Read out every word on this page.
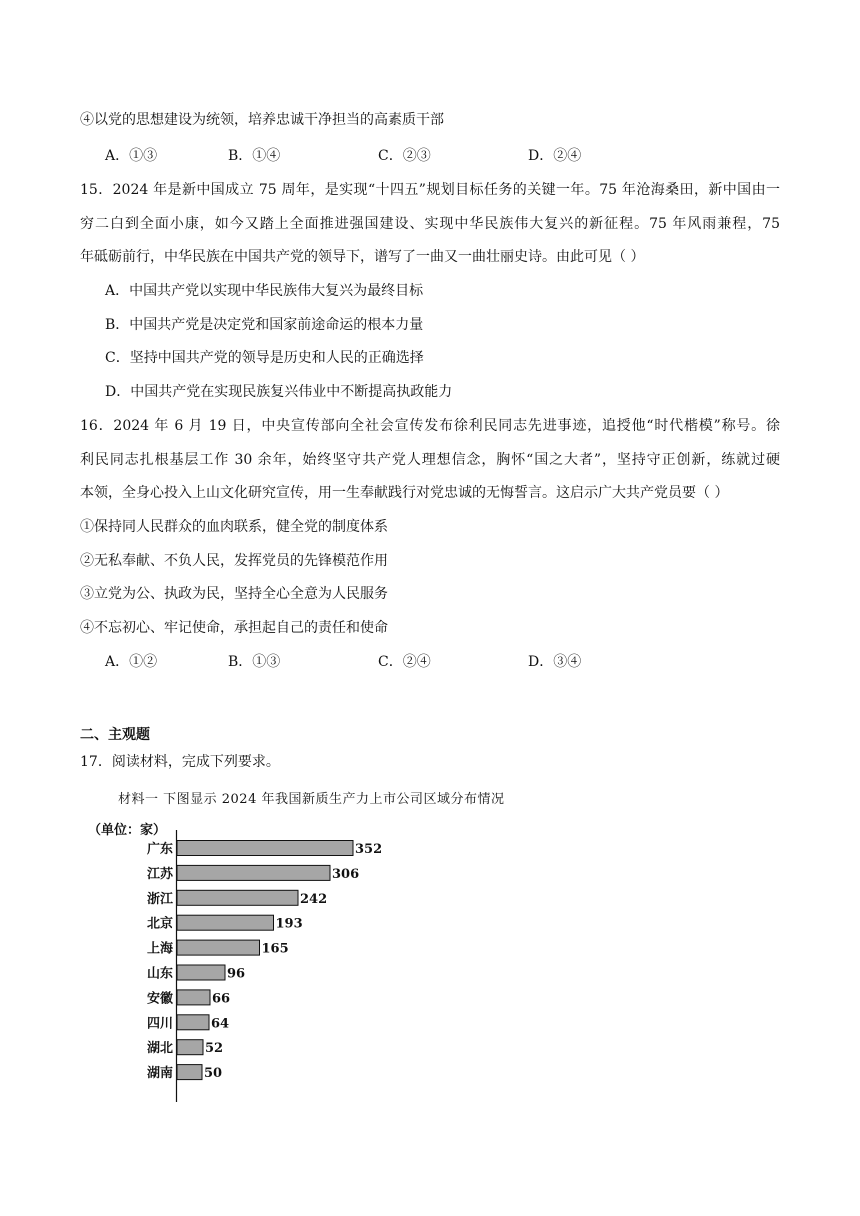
④以党的思想建设为统领，培养忠诚干净担当的高素质干部
A．①③	B．①④	C．②③	D．②④
15．2024 年是新中国成立 75 周年，是实现“十四五”规划目标任务的关键一年。75 年沧海桑田，新中国由一
穷二白到全面小康，如今又踏上全面推进强国建设、实现中华民族伟大复兴的新征程。75 年风雨兼程，75
年砥砺前行，中华民族在中国共产党的领导下，谱写了一曲又一曲壮丽史诗。由此可见（ ）
A．中国共产党以实现中华民族伟大复兴为最终目标
B．中国共产党是决定党和国家前途命运的根本力量
C．坚持中国共产党的领导是历史和人民的正确选择
D．中国共产党在实现民族复兴伟业中不断提高执政能力
16．2024 年 6 月 19 日，中央宣传部向全社会宣传发布徐利民同志先进事迹，追授他“时代楷模”称号。徐
利民同志扎根基层工作 30 余年，始终坚守共产党人理想信念，胸怀“国之大者”，坚持守正创新，练就过硬
本领，全身心投入上山文化研究宣传，用一生奉献践行对党忠诚的无悔誓言。这启示广大共产党员要（ ）
①保持同人民群众的血肉联系，健全党的制度体系
②无私奉献、不负人民，发挥党员的先锋模范作用
③立党为公、执政为民，坚持全心全意为人民服务
④不忘初心、牢记使命，承担起自己的责任和使命
A．①②	B．①③	C．②④	D．③④
二、主观题
17．阅读材料，完成下列要求。
材料一 下图显示 2024 年我国新质生产力上市公司区域分布情况
（单位：家）
广东	352
江苏	306
浙江	242
北京	193
上海	165
山东	96
安徽	66
四川	64
湖北 52
湖南 50
